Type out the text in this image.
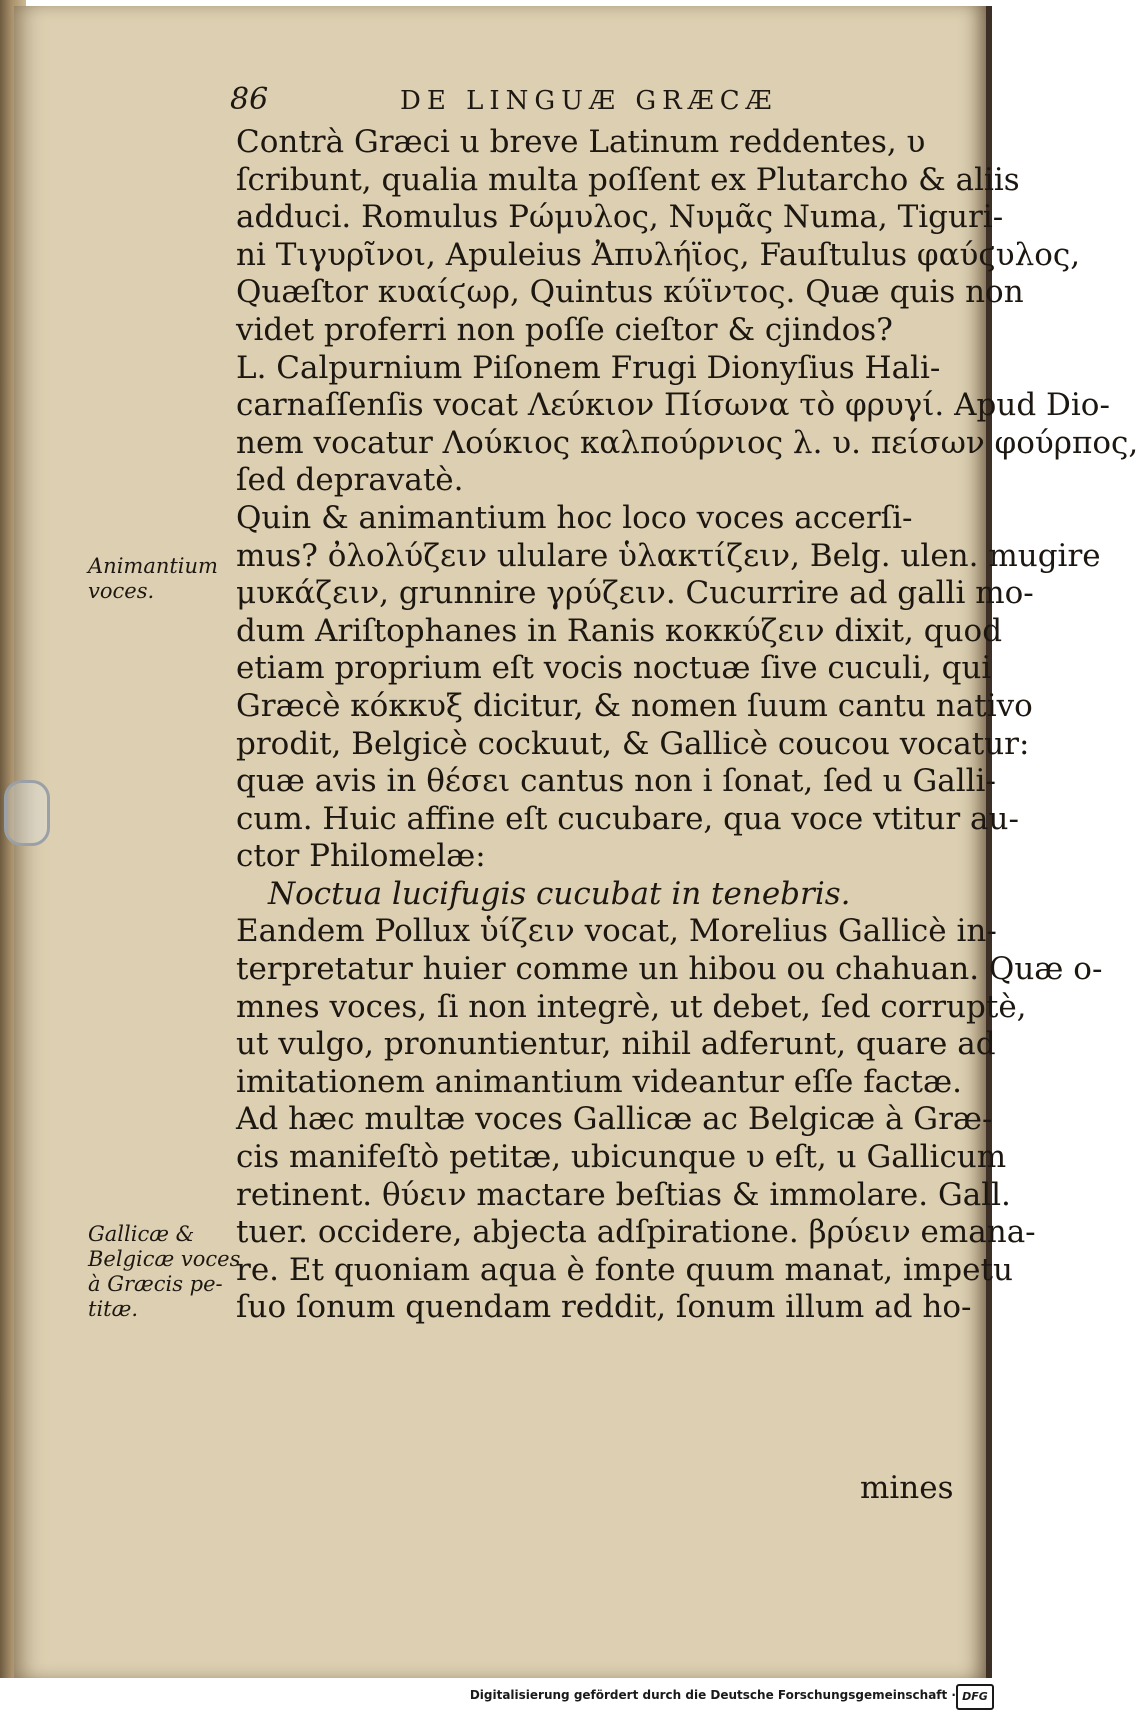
86	DE LINGUÆ GRÆCÆ
Animantium
voces.
Gallicæ &
Belgicæ voces
à Græcis pe-
titæ.
Contrà Græci u breve Latinum reddentes, υ
ſcribunt, qualia multa poſſent ex Plutarcho & aliis
adduci. Romulus Ρώμυλος, Νυμᾶς Numa, Tiguri-
ni Τιγυρῖνοι, Apuleius Ἀπυλήϊος, Fauſtulus φαύϛυλος,
Quæſtor κυαίϛωρ, Quintus κύϊντος. Quæ quis non
videt proferri non poſſe cieſtor & cjindos?
L. Calpurnium Piſonem Frugi Dionyſius Hali-
carnaſſenſis vocat Λεύκιον Πίσωνα τὸ φρυγί. Apud Dio-
nem vocatur Λούκιος καλπούρνιος λ. υ. πείσων φούρπος,
ſed depravatè.
Quin & animantium hoc loco voces accerſi-
mus? ὀλολύζειν ululare ὑλακτίζειν, Belg. ulen. mugire
μυκάζειν, grunnire γρύζειν. Cucurrire ad galli mo-
dum Ariſtophanes in Ranis κοκκύζειν dixit, quod
etiam proprium eſt vocis noctuæ ſive cuculi, qui
Græcè κόκκυξ dicitur, & nomen ſuum cantu nativo
prodit, Belgicè cockuut, & Gallicè coucou vocatur:
quæ avis in θέσει cantus non i ſonat, ſed u Galli-
cum. Huic affine eſt cucubare, qua voce vtitur au-
ctor Philomelæ:
Noctua lucifugis cucubat in tenebris.
Eandem Pollux ὑίζειν vocat, Morelius Gallicè in-
terpretatur huier comme un hibou ou chahuan. Quæ o-
mnes voces, ſi non integrè, ut debet, ſed corruptè,
ut vulgo, pronuntientur, nihil adferunt, quare ad
imitationem animantium videantur eſſe factæ.
Ad hæc multæ voces Gallicæ ac Belgicæ à Græ-
cis manifeſtò petitæ, ubicunque υ eſt, u Gallicum
retinent. θύειν mactare beſtias & immolare. Gall.
tuer. occidere, abjecta adſpiratione. βρύειν emana-
re. Et quoniam aqua è fonte quum manat, impetu
ſuo ſonum quendam reddit, ſonum illum ad ho-
mines
Digitalisierung gefördert durch die Deutsche Forschungsgemeinschaft · DFG
